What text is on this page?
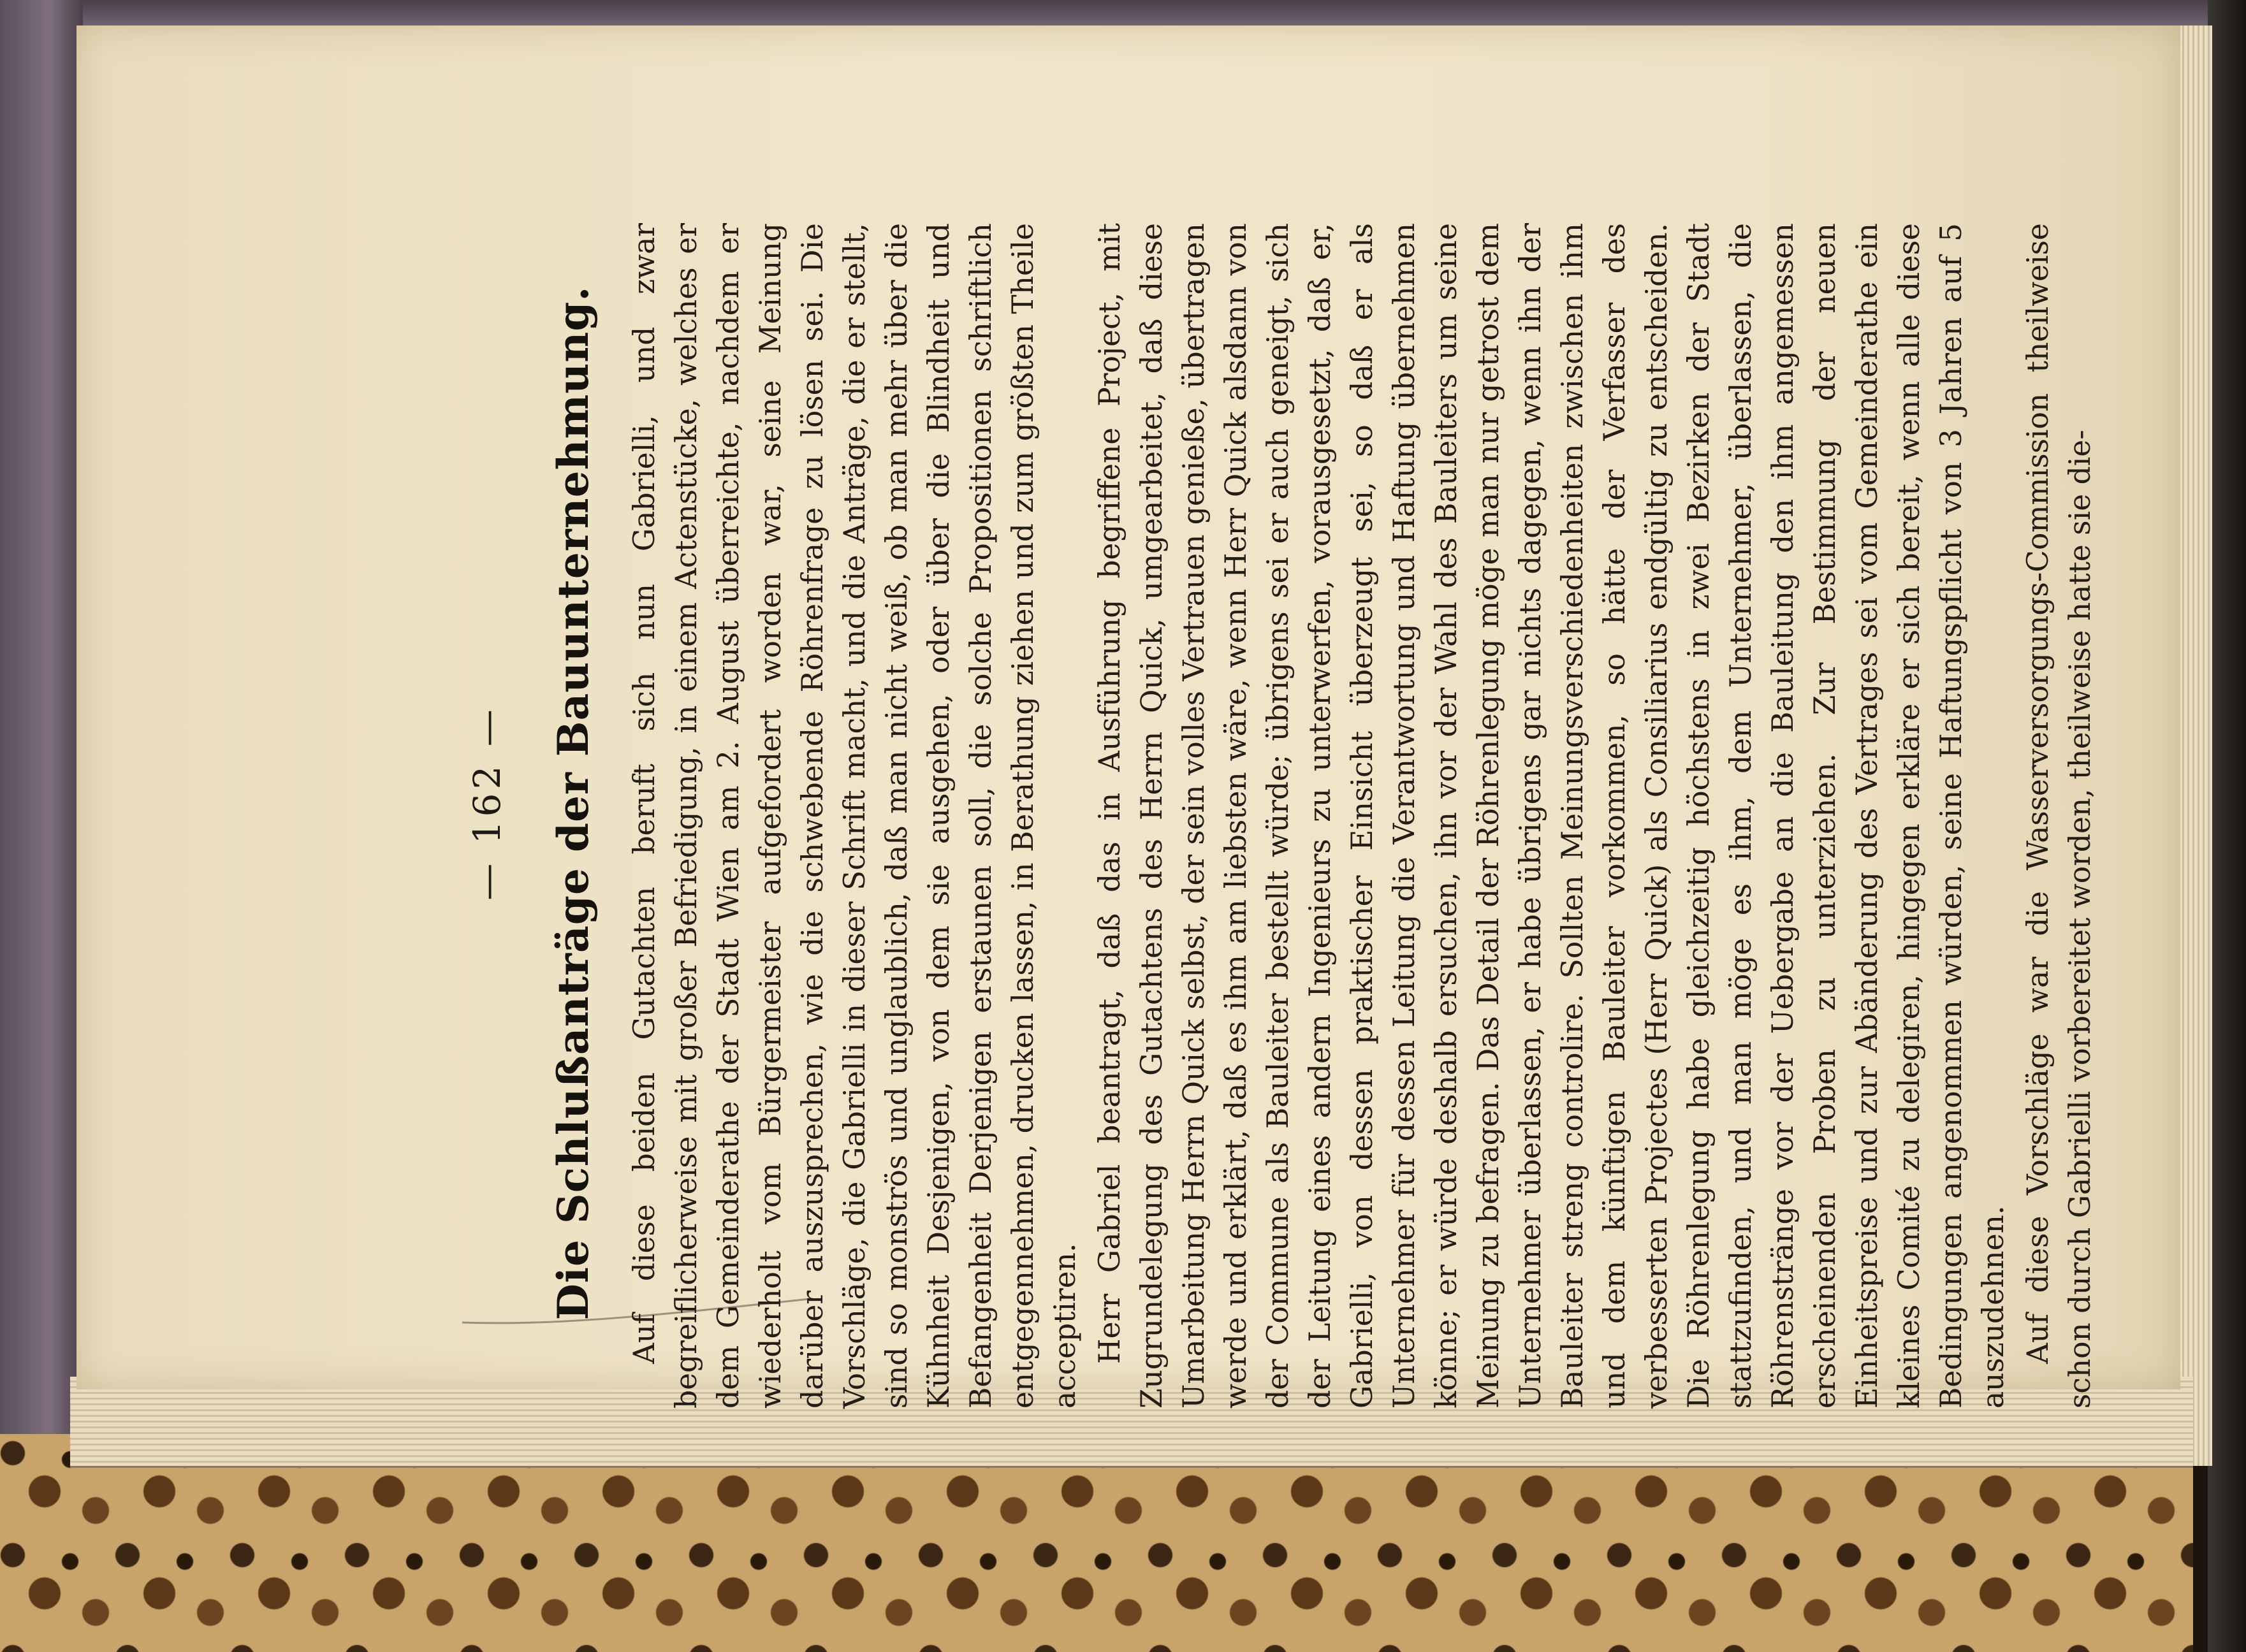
— 162 — Die Schlußanträge der Bauunternehmung. Auf diese beiden Gutachten beruft sich nun Gabrielli, und zwar begreiflicherweise mit großer Befriedigung, in einem Actenstücke, welches er dem Gemeinderathe der Stadt Wien am 2. August überreichte, nachdem er wiederholt vom Bürgermeister aufgefordert worden war, seine Meinung darüber auszusprechen, wie die schwebende Röhrenfrage zu lösen sei. Die Vorschläge, die Gabrielli in dieser Schrift macht, und die Anträge, die er stellt, sind so monströs und unglaublich, daß man nicht weiß, ob man mehr über die Kühnheit Desjenigen, von dem sie ausgehen, oder über die Blindheit und Befangenheit Derjenigen erstaunen soll, die solche Propositionen schriftlich entgegennehmen, drucken lassen, in Berathung ziehen und zum größten Theile acceptiren. Herr Gabriel beantragt, daß das in Ausführung begriffene Project, mit Zugrundelegung des Gutachtens des Herrn Quick, umgearbeitet, daß diese Umarbeitung Herrn Quick selbst, der sein volles Vertrauen genieße, übertragen werde und erklärt, daß es ihm am liebsten wäre, wenn Herr Quick alsdann von der Commune als Bauleiter bestellt würde; übrigens sei er auch geneigt, sich der Leitung eines andern Ingenieurs zu unterwerfen, vorausgesetzt, daß er, Gabrielli, von dessen praktischer Einsicht überzeugt sei, so daß er als Unternehmer für dessen Leitung die Verantwortung und Haftung übernehmen könne; er würde deshalb ersuchen, ihn vor der Wahl des Bauleiters um seine Meinung zu befragen. Das Detail der Röhrenlegung möge man nur getrost dem Unternehmer überlassen, er habe übrigens gar nichts dagegen, wenn ihn der Bauleiter streng controlire. Sollten Meinungsverschiedenheiten zwischen ihm und dem künftigen Bauleiter vorkommen, so hätte der Verfasser des verbesserten Projectes (Herr Quick) als Consiliarius endgültig zu entscheiden. Die Röhrenlegung habe gleichzeitig höchstens in zwei Bezirken der Stadt stattzufinden, und man möge es ihm, dem Unternehmer, überlassen, die Röhrenstränge vor der Uebergabe an die Bauleitung den ihm angemessen erscheinenden Proben zu unterziehen. Zur Bestimmung der neuen Einheitspreise und zur Abänderung des Vertrages sei vom Gemeinderathe ein kleines Comité zu delegiren, hingegen erkläre er sich bereit, wenn alle diese Bedingungen angenommen würden, seine Haftungspflicht von 3 Jahren auf 5 auszudehnen. Auf diese Vorschläge war die Wasserversorgungs-Commission theilweise schon durch Gabrielli vorbereitet worden, theilweise hatte sie die-
